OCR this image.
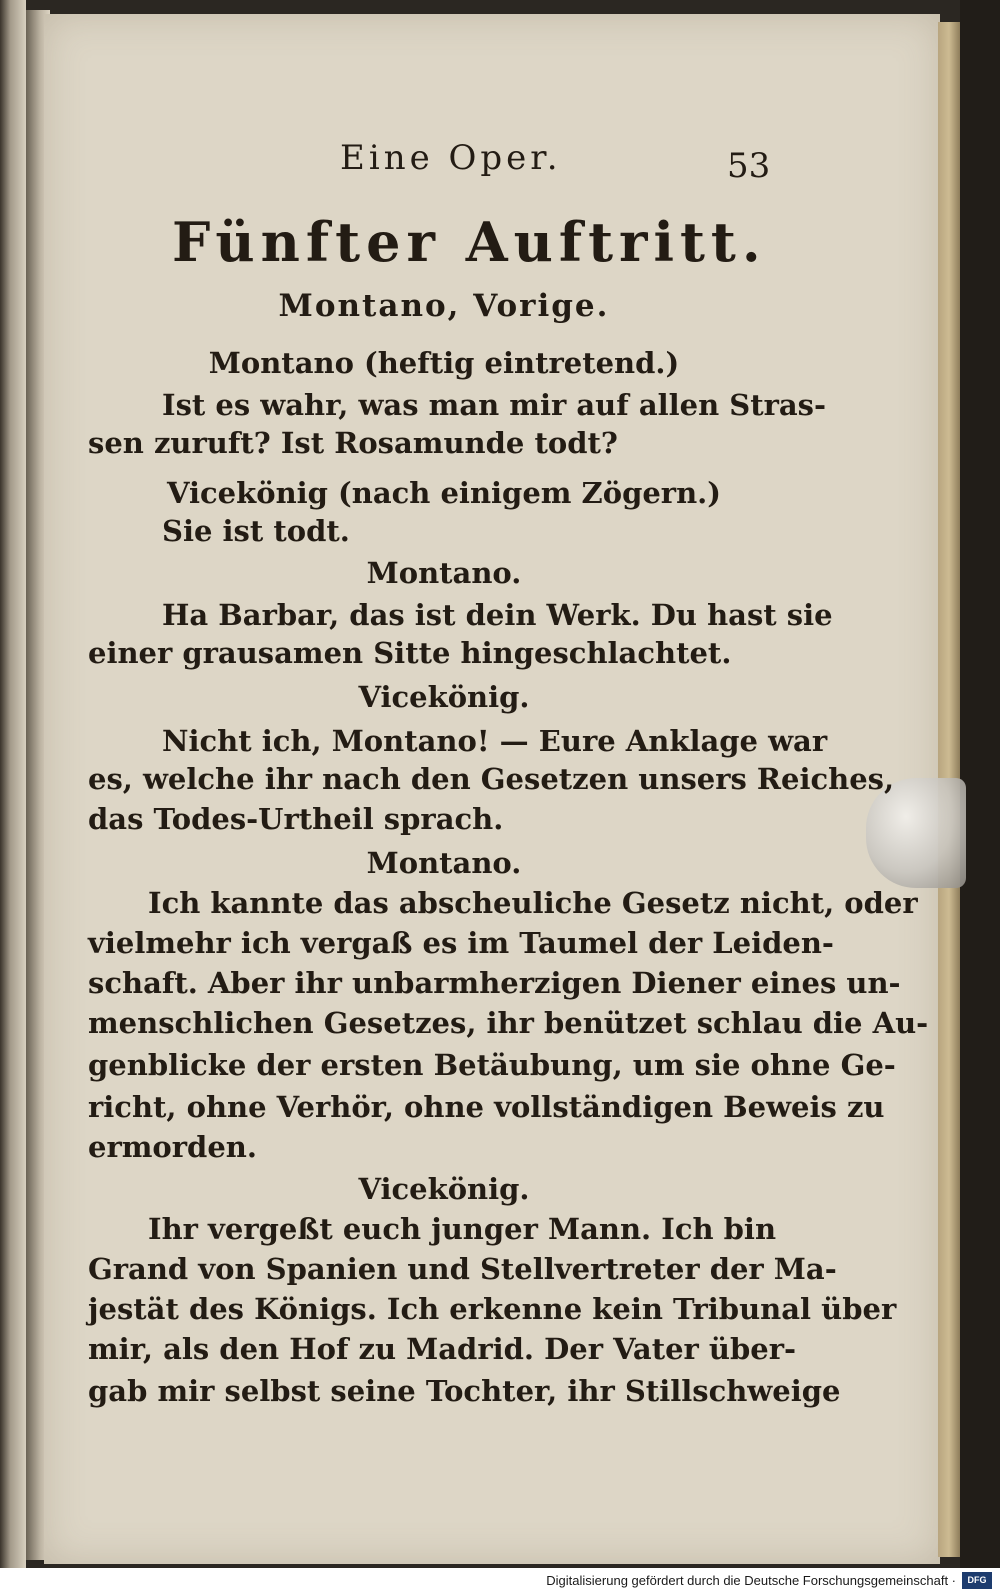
Eine Oper.	53
Fünfter Auftritt.
Montano, Vorige.
Montano (heftig eintretend.)
Ist es wahr, was man mir auf allen Stras-
sen zuruft? Ist Rosamunde todt?
Vicekönig (nach einigem Zögern.)
Sie ist todt.
Montano.
Ha Barbar, das ist dein Werk. Du hast sie
einer grausamen Sitte hingeschlachtet.
Vicekönig.
Nicht ich, Montano! — Eure Anklage war
es, welche ihr nach den Gesetzen unsers Reiches,
das Todes-Urtheil sprach.
Montano.
Ich kannte das abscheuliche Gesetz nicht, oder
vielmehr ich vergaß es im Taumel der Leiden-
schaft. Aber ihr unbarmherzigen Diener eines un-
menschlichen Gesetzes, ihr benützet schlau die Au-
genblicke der ersten Betäubung, um sie ohne Ge-
richt, ohne Verhör, ohne vollständigen Beweis zu
ermorden.
Vicekönig.
Ihr vergeßt euch junger Mann. Ich bin
Grand von Spanien und Stellvertreter der Ma-
jestät des Königs. Ich erkenne kein Tribunal über
mir, als den Hof zu Madrid. Der Vater über-
gab mir selbst seine Tochter, ihr Stillschweige
Digitalisierung gefördert durch die Deutsche Forschungsgemeinschaft ·	DFG
